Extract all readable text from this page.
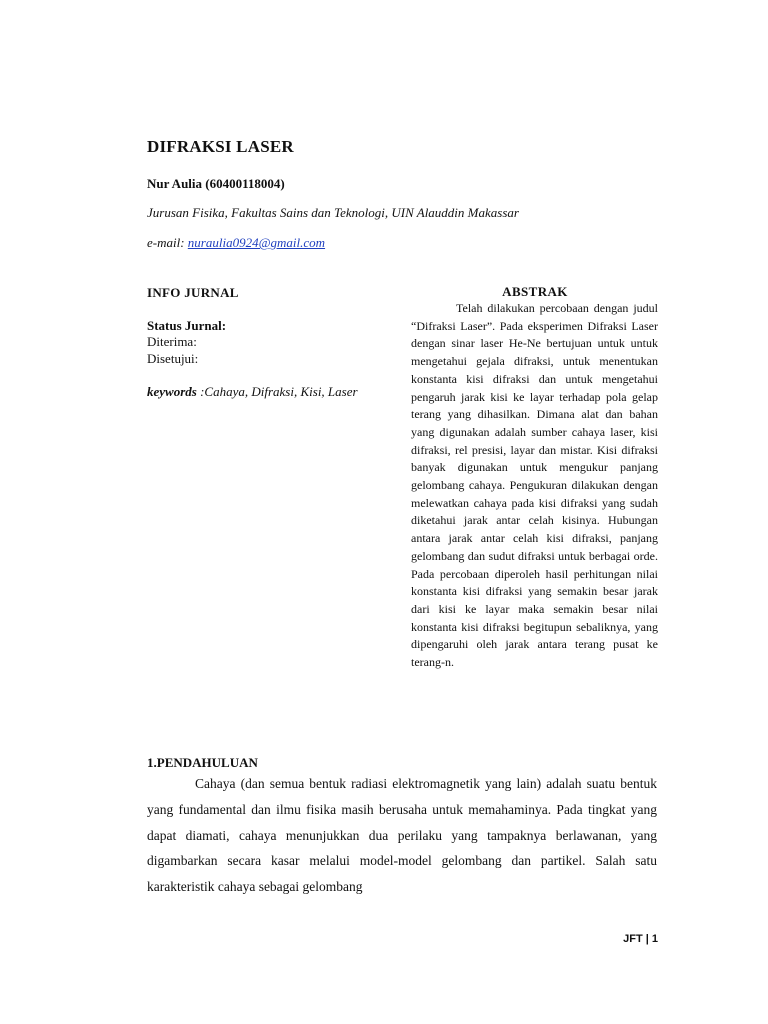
DIFRAKSI LASER
Nur Aulia (60400118004)
Jurusan Fisika, Fakultas Sains dan Teknologi, UIN Alauddin Makassar
e-mail: nuraulia0924@gmail.com
INFO JURNAL
Status Jurnal:
Diterima:
Disetujui:
keywords :Cahaya, Difraksi, Kisi, Laser
ABSTRAK

Telah dilakukan percobaan dengan judul “Difraksi Laser”. Pada eksperimen Difraksi Laser dengan sinar laser He-Ne bertujuan untuk untuk mengetahui gejala difraksi, untuk menentukan konstanta kisi difraksi dan untuk mengetahui pengaruh jarak kisi ke layar terhadap pola gelap terang yang dihasilkan. Dimana alat dan bahan yang digunakan adalah sumber cahaya laser, kisi difraksi, rel presisi, layar dan mistar. Kisi difraksi banyak digunakan untuk mengukur panjang gelombang cahaya. Pengukuran dilakukan dengan melewatkan cahaya pada kisi difraksi yang sudah diketahui jarak antar celah kisinya. Hubungan antara jarak antar celah kisi difraksi, panjang gelombang dan sudut difraksi untuk berbagai orde. Pada percobaan diperoleh hasil perhitungan nilai konstanta kisi difraksi yang semakin besar jarak dari kisi ke layar maka semakin besar nilai konstanta kisi difraksi begitupun sebaliknya, yang dipengaruhi oleh jarak antara terang pusat ke terang-n.

1.PENDAHULUAN

Cahaya (dan semua bentuk radiasi elektromagnetik yang lain) adalah suatu bentuk yang fundamental dan ilmu fisika masih berusaha untuk memahaminya. Pada tingkat yang dapat diamati, cahaya menunjukkan dua perilaku yang tampaknya berlawanan, yang digambarkan secara kasar melalui model-model gelombang dan partikel. Salah satu karakteristik cahaya sebagai gelombang

JFT | 1
